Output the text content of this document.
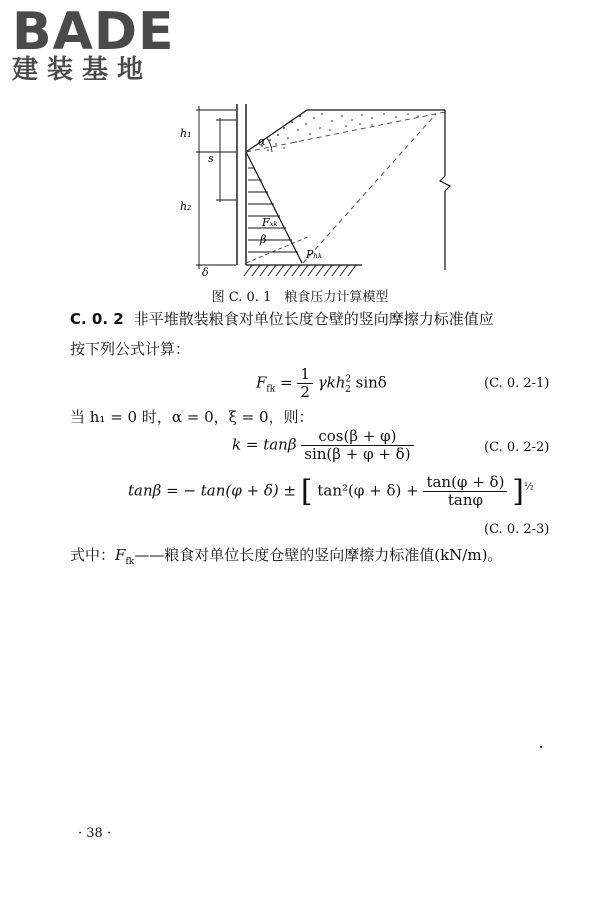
BADE
建装基地
h₁
s
h₂
δ
α
Fₓₖ
β
Pₕₖ
图 C. 0. 1　粮食压力计算模型
C. 0. 2 非平堆散装粮食对单位长度仓壁的竖向摩擦力标准值应
按下列公式计算：
$F_{fk} = \frac{1}{2} \gamma kh^2_2$ sinδ	(C. 0. 2-1)
当 h₁ = 0 时，α = 0，ξ = 0，则：
k = tanβ $\frac{\cos(\beta + \varphi)}{\sin(\beta + \varphi + \delta)}$	(C. 0. 2-2)
tanβ = − tan(φ + δ) ± [ $\tan^2(\varphi + \delta) + \frac{\tan(\varphi + \delta)}{\tan\varphi} ]^{\frac{1}{2}}$
(C. 0. 2-3)
式中：$F_{fk}——$粮食对单位长度仓壁的竖向摩擦力标准值(kN/m)。
· 38 ·
